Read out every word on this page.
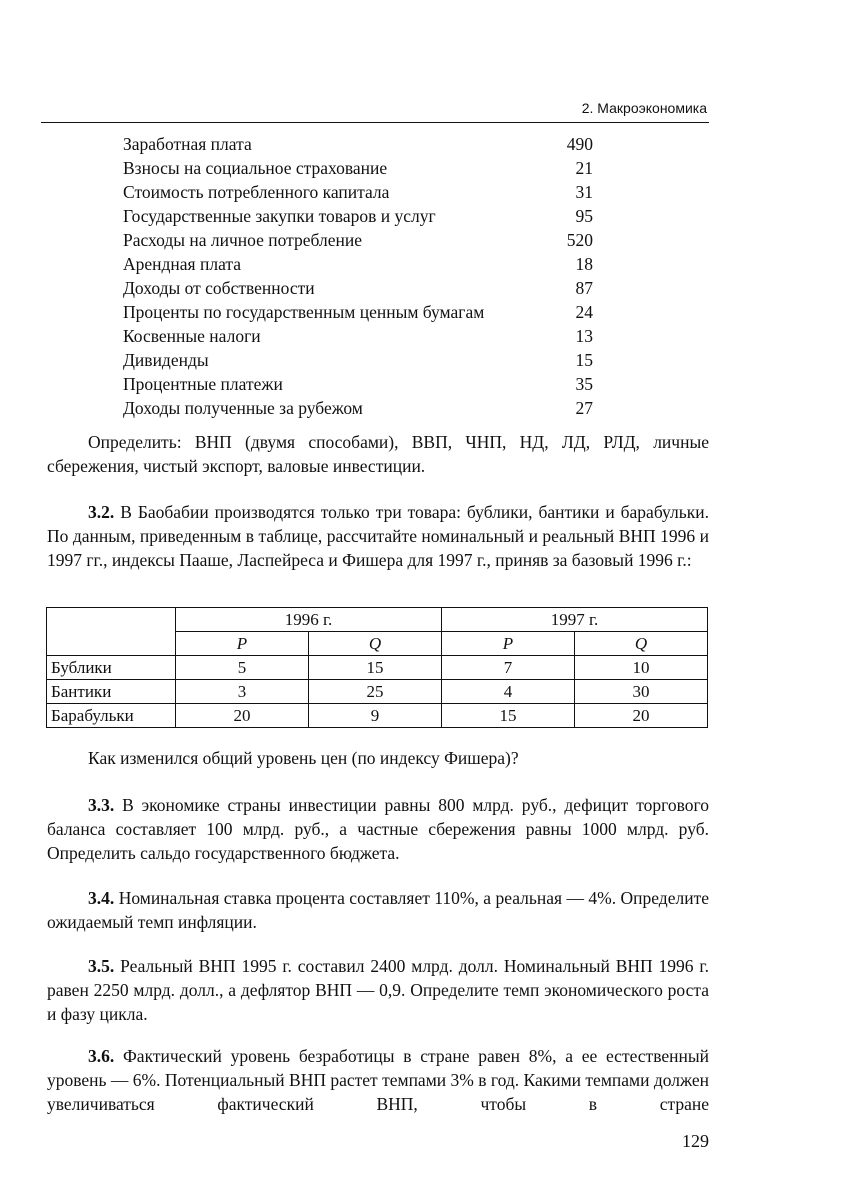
2. Макроэкономика
Заработная плата	490
Взносы на социальное страхование	21
Стоимость потребленного капитала	31
Государственные закупки товаров и услуг	95
Расходы на личное потребление	520
Арендная плата	18
Доходы от собственности	87
Проценты по государственным ценным бумагам	24
Косвенные налоги	13
Дивиденды	15
Процентные платежи	35
Доходы полученные за рубежом	27

Определить: ВНП (двумя способами), ВВП, ЧНП, НД, ЛД, РЛД, личные сбережения, чистый экспорт, валовые инвестиции.

3.2. В Баобабии производятся только три товара: бублики, бантики и барабульки. По данным, приведенным в таблице, рассчитайте номинальный и реальный ВНП 1996 и 1997 гг., индексы Пааше, Ласпейреса и Фишера для 1997 г., приняв за базовый 1996 г.:

	1996 г.		1997 г.	
	P	Q	P	Q
Бублики	5	15	7	10
Бантики	3	25	4	30
Барабульки	20	9	15	20

Как изменился общий уровень цен (по индексу Фишера)?

3.3. В экономике страны инвестиции равны 800 млрд. руб., дефицит торгового баланса составляет 100 млрд. руб., а частные сбережения равны 1000 млрд. руб. Определить сальдо государственного бюджета.

3.4. Номинальная ставка процента составляет 110%, а реальная — 4%. Определите ожидаемый темп инфляции.

3.5. Реальный ВНП 1995 г. составил 2400 млрд. долл. Номинальный ВНП 1996 г. равен 2250 млрд. долл., а дефлятор ВНП — 0,9. Определите темп экономического роста и фазу цикла.

3.6. Фактический уровень безработицы в стране равен 8%, а ее естественный уровень — 6%. Потенциальный ВНП растет темпами 3% в год. Какими темпами должен увеличиваться фактический ВНП, чтобы в стране

129
